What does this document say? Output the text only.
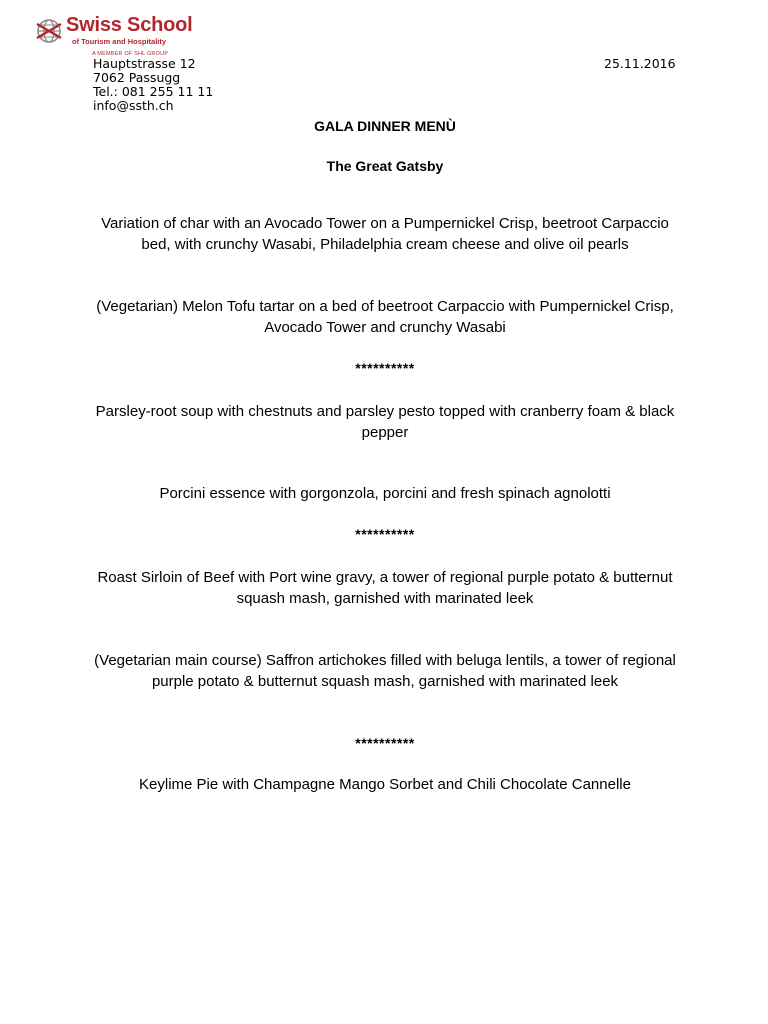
Swiss School
of Tourism and Hospitality
A MEMBER OF SHL GROUP
Hauptstrasse 12
7062 Passugg
Tel.: 081 255 11 11
info@ssth.ch
25.11.2016
GALA DINNER MENÙ
The Great Gatsby
Variation of char with an Avocado Tower on a Pumpernickel Crisp, beetroot Carpaccio bed, with crunchy Wasabi, Philadelphia cream cheese and olive oil pearls
(Vegetarian) Melon Tofu tartar on a bed of beetroot Carpaccio with Pumpernickel Crisp, Avocado Tower and crunchy Wasabi
**********
Parsley-root soup with chestnuts and parsley pesto topped with cranberry foam & black pepper
Porcini essence with gorgonzola, porcini and fresh spinach agnolotti
**********
Roast Sirloin of Beef with Port wine gravy, a tower of regional purple potato & butternut squash mash, garnished with marinated leek
(Vegetarian main course) Saffron artichokes filled with beluga lentils, a tower of regional purple potato & butternut squash mash, garnished with marinated leek
**********
Keylime Pie with Champagne Mango Sorbet and Chili Chocolate Cannelle
